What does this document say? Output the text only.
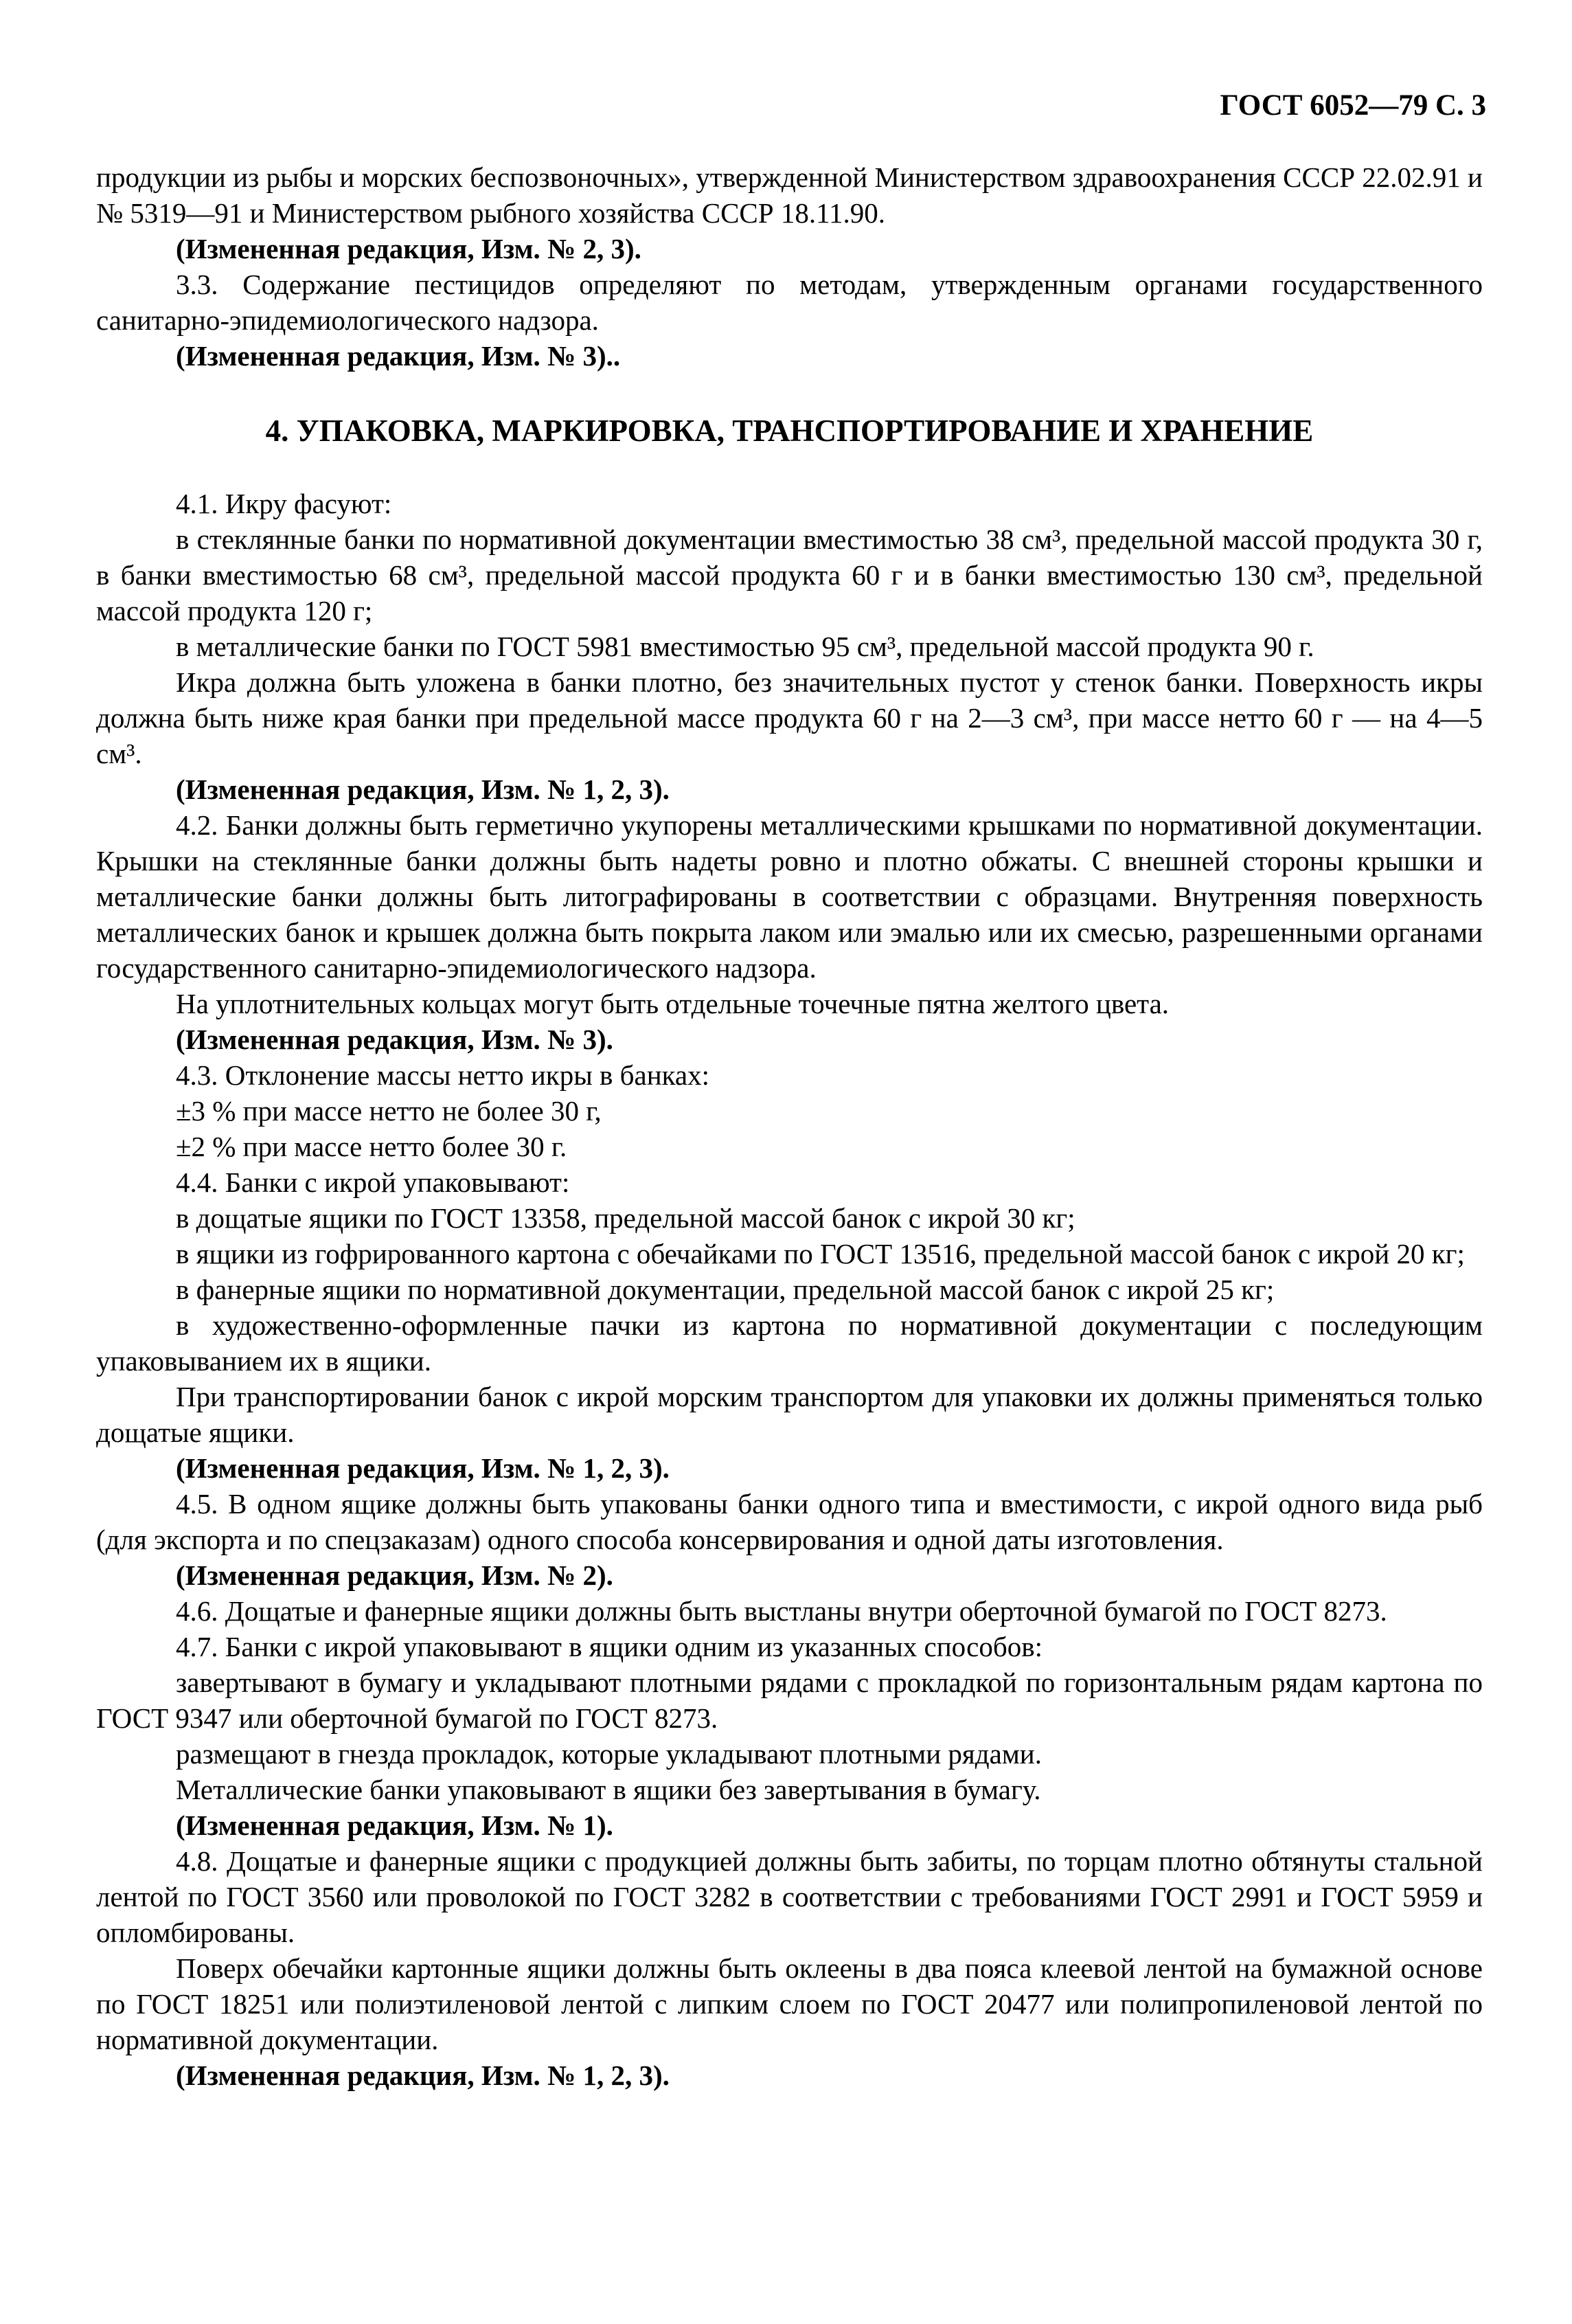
ГОСТ 6052—79 С. 3

продукции из рыбы и морских беспозвоночных», утвержденной Министерством здравоохранения СССР 22.02.91 и № 5319—91 и Министерством рыбного хозяйства СССР 18.11.90.

(Измененная редакция, Изм. № 2, 3).

3.3. Содержание пестицидов определяют по методам, утвержденным органами государственного санитарно-эпидемиологического надзора.

(Измененная редакция, Изм. № 3)..

4. УПАКОВКА, МАРКИРОВКА, ТРАНСПОРТИРОВАНИЕ И ХРАНЕНИЕ

4.1. Икру фасуют:

в стеклянные банки по нормативной документации вместимостью 38 см³, предельной массой продукта 30 г, в банки вместимостью 68 см³, предельной массой продукта 60 г и в банки вместимостью 130 см³, предельной массой продукта 120 г;

в металлические банки по ГОСТ 5981 вместимостью 95 см³, предельной массой продукта 90 г.

Икра должна быть уложена в банки плотно, без значительных пустот у стенок банки. Поверхность икры должна быть ниже края банки при предельной массе продукта 60 г на 2—3 см³, при массе нетто 60 г — на 4—5 см³.

(Измененная редакция, Изм. № 1, 2, 3).

4.2. Банки должны быть герметично укупорены металлическими крышками по нормативной документации. Крышки на стеклянные банки должны быть надеты ровно и плотно обжаты. С внешней стороны крышки и металлические банки должны быть литографированы в соответствии с образцами. Внутренняя поверхность металлических банок и крышек должна быть покрыта лаком или эмалью или их смесью, разрешенными органами государственного санитарно-эпидемиологического надзора.

На уплотнительных кольцах могут быть отдельные точечные пятна желтого цвета.

(Измененная редакция, Изм. № 3).

4.3. Отклонение массы нетто икры в банках:

±3 % при массе нетто не более 30 г,

±2 % при массе нетто более 30 г.

4.4. Банки с икрой упаковывают:

в дощатые ящики по ГОСТ 13358, предельной массой банок с икрой 30 кг;

в ящики из гофрированного картона с обечайками по ГОСТ 13516, предельной массой банок с икрой 20 кг;

в фанерные ящики по нормативной документации, предельной массой банок с икрой 25 кг;

в художественно-оформленные пачки из картона по нормативной документации с последующим упаковыванием их в ящики.

При транспортировании банок с икрой морским транспортом для упаковки их должны применяться только дощатые ящики.

(Измененная редакция, Изм. № 1, 2, 3).

4.5. В одном ящике должны быть упакованы банки одного типа и вместимости, с икрой одного вида рыб (для экспорта и по спецзаказам) одного способа консервирования и одной даты изготовления.

(Измененная редакция, Изм. № 2).

4.6. Дощатые и фанерные ящики должны быть выстланы внутри оберточной бумагой по ГОСТ 8273.

4.7. Банки с икрой упаковывают в ящики одним из указанных способов:

завертывают в бумагу и укладывают плотными рядами с прокладкой по горизонтальным рядам картона по ГОСТ 9347 или оберточной бумагой по ГОСТ 8273.

размещают в гнезда прокладок, которые укладывают плотными рядами.

Металлические банки упаковывают в ящики без завертывания в бумагу.

(Измененная редакция, Изм. № 1).

4.8. Дощатые и фанерные ящики с продукцией должны быть забиты, по торцам плотно обтянуты стальной лентой по ГОСТ 3560 или проволокой по ГОСТ 3282 в соответствии с требованиями ГОСТ 2991 и ГОСТ 5959 и опломбированы.

Поверх обечайки картонные ящики должны быть оклеены в два пояса клеевой лентой на бумажной основе по ГОСТ 18251 или полиэтиленовой лентой с липким слоем по ГОСТ 20477 или полипропиленовой лентой по нормативной документации.

(Измененная редакция, Изм. № 1, 2, 3).
